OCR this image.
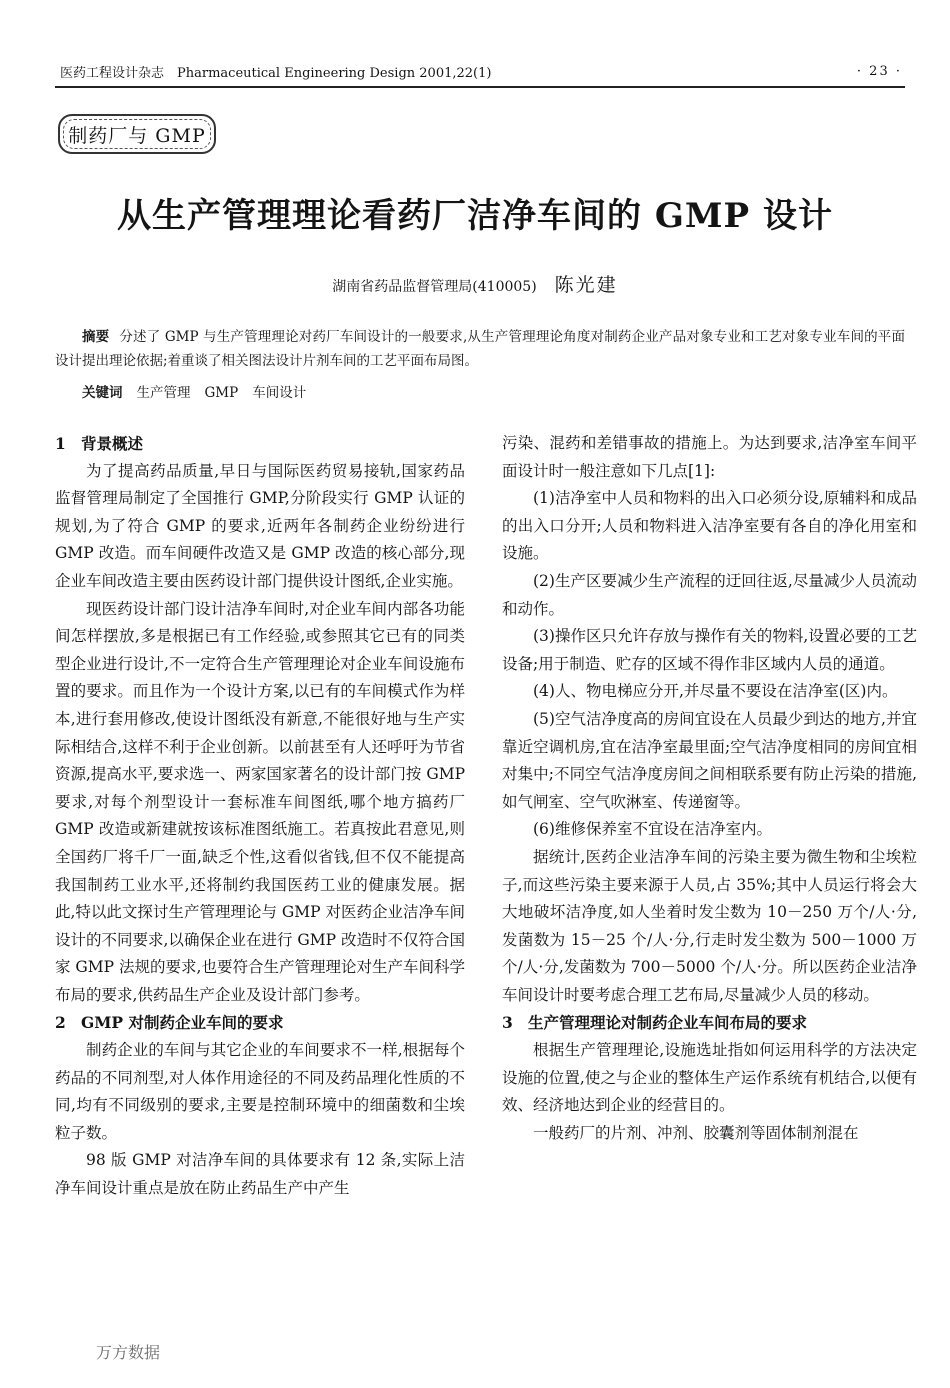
医药工程设计杂志　Pharmaceutical Engineering Design 2001,22(1)	· 23 ·
制药厂与 GMP
从生产管理理论看药厂洁净车间的 GMP 设计
湖南省药品监督管理局(410005) 陈光建

摘要 分述了 GMP 与生产管理理论对药厂车间设计的一般要求,从生产管理理论角度对制药企业产品对象专业和工艺对象专业车间的平面设计提出理论依据;着重谈了相关图法设计片剂车间的工艺平面布局图。

关键词 生产管理 GMP 车间设计
1 背景概述

为了提高药品质量,早日与国际医药贸易接轨,国家药品监督管理局制定了全国推行 GMP,分阶段实行 GMP 认证的规划,为了符合 GMP 的要求,近两年各制药企业纷纷进行 GMP 改造。而车间硬件改造又是 GMP 改造的核心部分,现企业车间改造主要由医药设计部门提供设计图纸,企业实施。

现医药设计部门设计洁净车间时,对企业车间内部各功能间怎样摆放,多是根据已有工作经验,或参照其它已有的同类型企业进行设计,不一定符合生产管理理论对企业车间设施布置的要求。而且作为一个设计方案,以已有的车间模式作为样本,进行套用修改,使设计图纸没有新意,不能很好地与生产实际相结合,这样不利于企业创新。以前甚至有人还呼吁为节省资源,提高水平,要求选一、两家国家著名的设计部门按 GMP 要求,对每个剂型设计一套标准车间图纸,哪个地方搞药厂 GMP 改造或新建就按该标准图纸施工。若真按此君意见,则全国药厂将千厂一面,缺乏个性,这看似省钱,但不仅不能提高我国制药工业水平,还将制约我国医药工业的健康发展。据此,特以此文探讨生产管理理论与 GMP 对医药企业洁净车间设计的不同要求,以确保企业在进行 GMP 改造时不仅符合国家 GMP 法规的要求,也要符合生产管理理论对生产车间科学布局的要求,供药品生产企业及设计部门参考。

2 GMP 对制药企业车间的要求

制药企业的车间与其它企业的车间要求不一样,根据每个药品的不同剂型,对人体作用途径的不同及药品理化性质的不同,均有不同级别的要求,主要是控制环境中的细菌数和尘埃粒子数。

98 版 GMP 对洁净车间的具体要求有 12 条,实际上洁净车间设计重点是放在防止药品生产中产生

污染、混药和差错事故的措施上。为达到要求,洁净室车间平面设计时一般注意如下几点[1]:

(1)洁净室中人员和物料的出入口必须分设,原辅料和成品的出入口分开;人员和物料进入洁净室要有各自的净化用室和设施。

(2)生产区要减少生产流程的迂回往返,尽量减少人员流动和动作。

(3)操作区只允许存放与操作有关的物料,设置必要的工艺设备;用于制造、贮存的区域不得作非区域内人员的通道。

(4)人、物电梯应分开,并尽量不要设在洁净室(区)内。

(5)空气洁净度高的房间宜设在人员最少到达的地方,并宜靠近空调机房,宜在洁净室最里面;空气洁净度相同的房间宜相对集中;不同空气洁净度房间之间相联系要有防止污染的措施,如气闸室、空气吹淋室、传递窗等。

(6)维修保养室不宜设在洁净室内。

据统计,医药企业洁净车间的污染主要为微生物和尘埃粒子,而这些污染主要来源于人员,占 35%;其中人员运行将会大大地破坏洁净度,如人坐着时发尘数为 10－250 万个/人·分,发菌数为 15－25 个/人·分,行走时发尘数为 500－1000 万个/人·分,发菌数为 700－5000 个/人·分。所以医药企业洁净车间设计时要考虑合理工艺布局,尽量减少人员的移动。

3 生产管理理论对制药企业车间布局的要求

根据生产管理理论,设施选址指如何运用科学的方法决定设施的位置,使之与企业的整体生产运作系统有机结合,以便有效、经济地达到企业的经营目的。

一般药厂的片剂、冲剂、胶囊剂等固体制剂混在

万方数据
